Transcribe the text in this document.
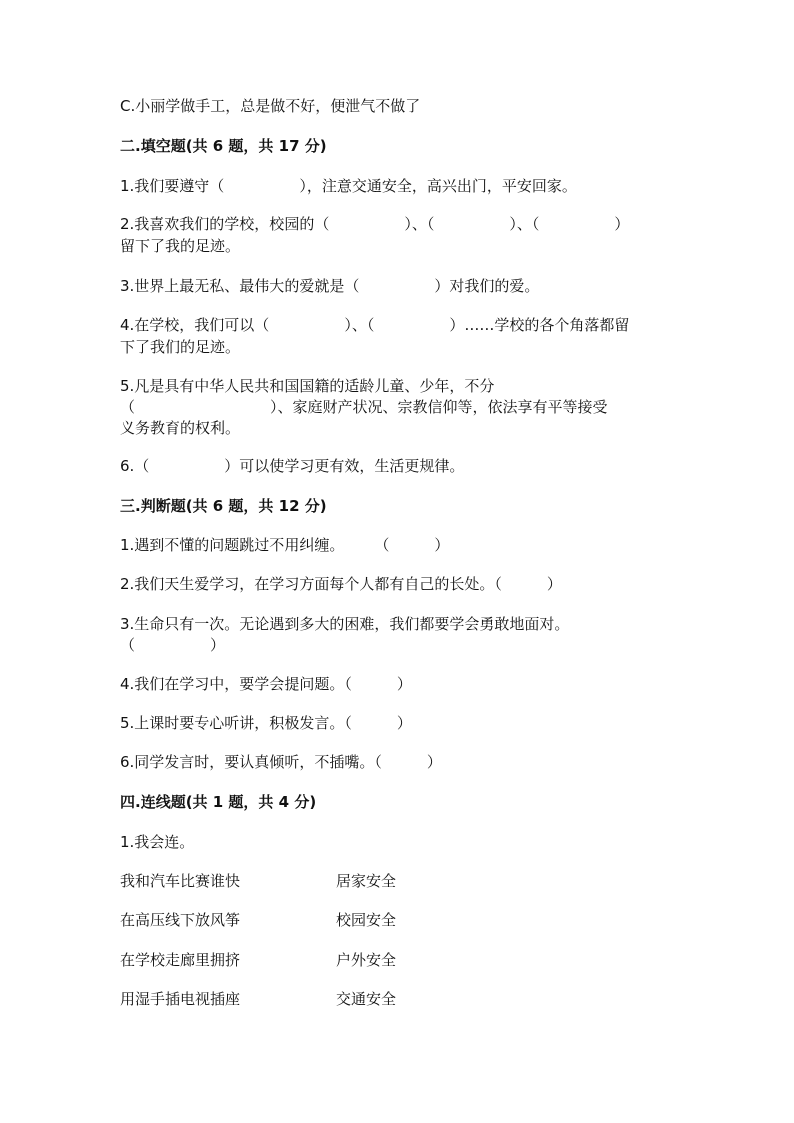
C.小丽学做手工，总是做不好，便泄气不做了
二.填空题(共 6 题，共 17 分)
1.我们要遵守（　　　　　），注意交通安全，高兴出门，平安回家。
2.我喜欢我们的学校，校园的（　　　　　）、（　　　　　）、（　　　　　）
留下了我的足迹。
3.世界上最无私、最伟大的爱就是（　　　　　）对我们的爱。
4.在学校，我们可以（　　　　　）、（　　　　　）……学校的各个角落都留
下了我们的足迹。
5.凡是具有中华人民共和国国籍的适龄儿童、少年，不分
（　　　　　　　　　）、家庭财产状况、宗教信仰等，依法享有平等接受
义务教育的权利。
6.（　　　　　）可以使学习更有效，生活更规律。
三.判断题(共 6 题，共 12 分)
1.遇到不懂的问题跳过不用纠缠。　　　（　　　）
2.我们天生爱学习，在学习方面每个人都有自己的长处。（　　　）
3.生命只有一次。无论遇到多大的困难，我们都要学会勇敢地面对。
（　　　　　）
4.我们在学习中，要学会提问题。（　　　）
5.上课时要专心听讲，积极发言。（　　　）
6.同学发言时，要认真倾听，不插嘴。（　　　）
四.连线题(共 1 题，共 4 分)
1.我会连。
我和汽车比赛谁快	居家安全
在高压线下放风筝	校园安全
在学校走廊里拥挤	户外安全
用湿手插电视插座	交通安全
